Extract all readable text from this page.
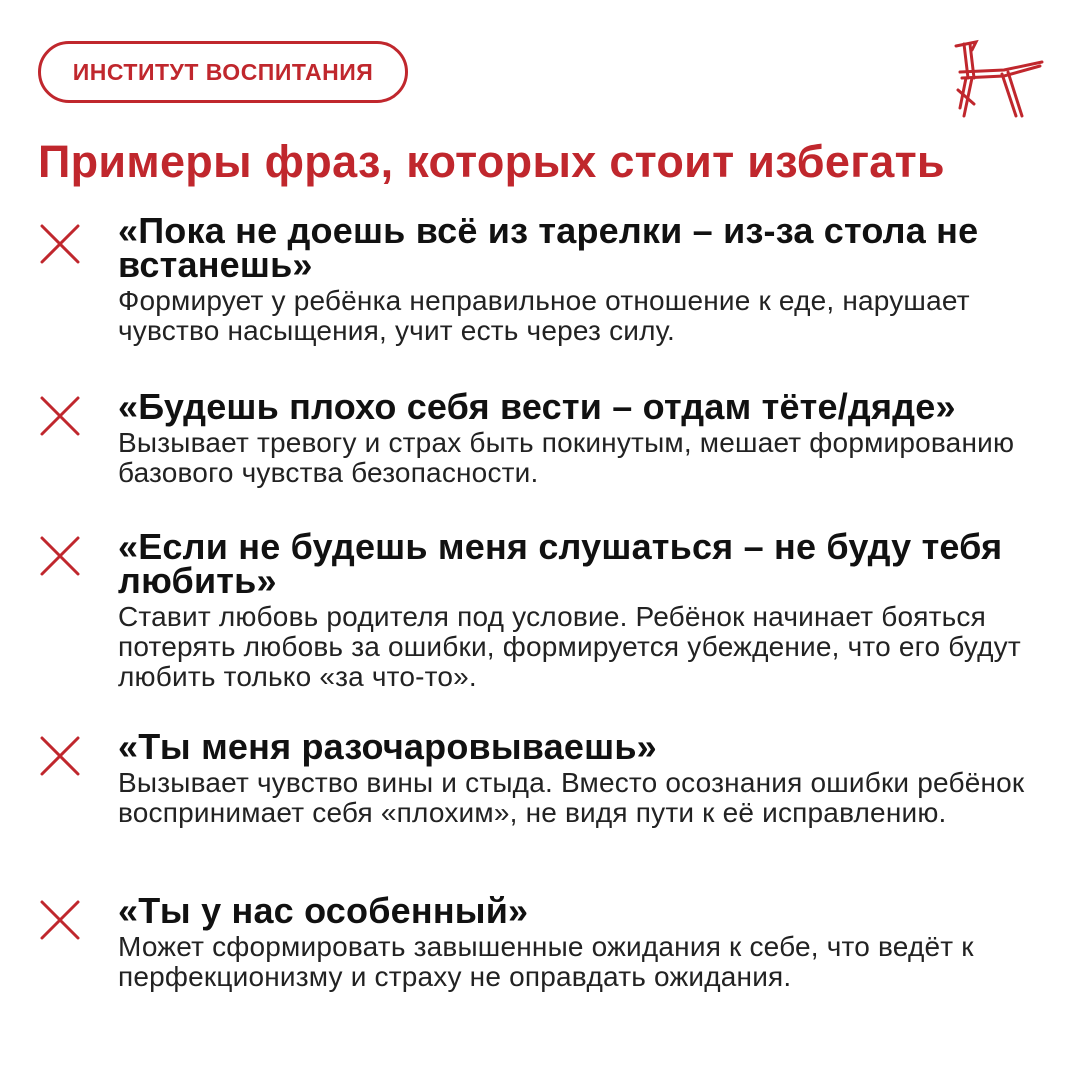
ИНСТИТУТ ВОСПИТАНИЯ
Примеры фраз, которых стоит избегать

«Пока не доешь всё из тарелки – из-за стола не встанешь»

Формирует у ребёнка неправильное отношение к еде, нарушает чувство насыщения, учит есть через силу.

«Будешь плохо себя вести – отдам тёте/дяде»

Вызывает тревогу и страх быть покинутым, мешает формированию базового чувства безопасности.

«Если не будешь меня слушаться – не буду тебя любить»

Ставит любовь родителя под условие. Ребёнок начинает бояться потерять любовь за ошибки, формируется убеждение, что его будут любить только «за что-то».

«Ты меня разочаровываешь»

Вызывает чувство вины и стыда. Вместо осознания ошибки ребёнок воспринимает себя «плохим», не видя пути к её исправлению.

«Ты у нас особенный»

Может сформировать завышенные ожидания к себе, что ведёт к перфекционизму и страху не оправдать ожидания.
